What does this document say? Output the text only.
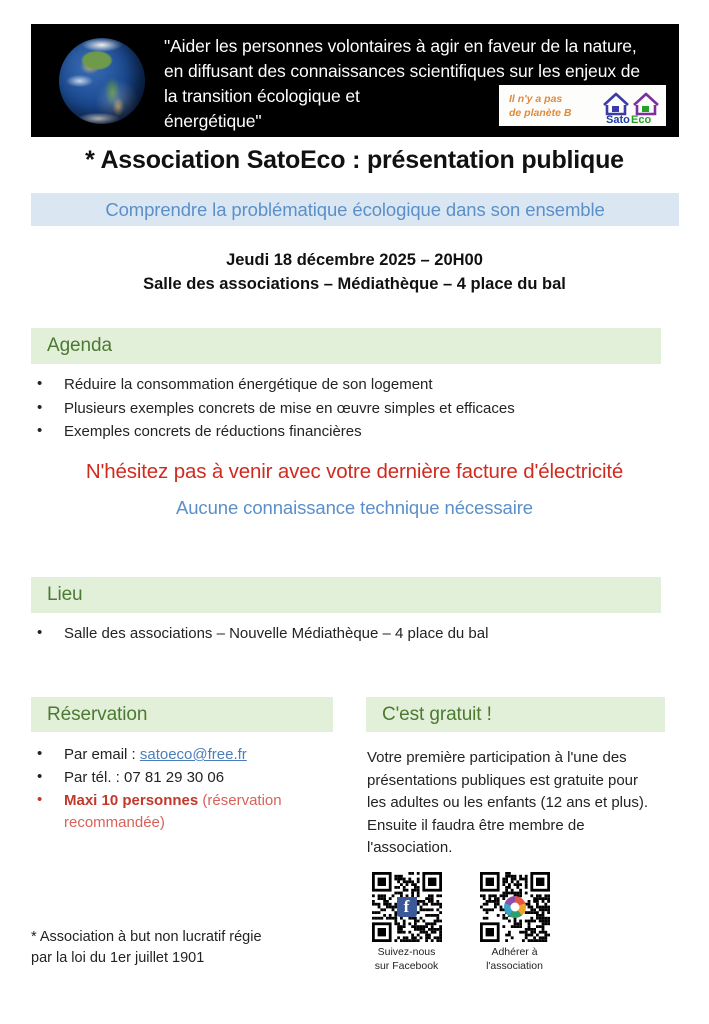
"Aider les personnes volontaires à agir en faveur de la nature,
en diffusant des connaissances scientifiques sur les enjeux de
la transition écologique et
énergétique"
Il n'y a pas
de planète B
Sato Eco
* Association SatoEco : présentation publique
Comprendre la problématique écologique dans son ensemble
Jeudi 18 décembre 2025 – 20H00
Salle des associations – Médiathèque – 4 place du bal
Agenda
• Réduire la consommation énergétique de son logement
• Plusieurs exemples concrets de mise en œuvre simples et efficaces
• Exemples concrets de réductions financières
N'hésitez pas à venir avec votre dernière facture d'électricité
Aucune connaissance technique nécessaire
Lieu
• Salle des associations – Nouvelle Médiathèque – 4 place du bal
Réservation
• Par email : satoeco@free.fr
• Par tél. : 07 81 29 30 06
• Maxi 10 personnes (réservation recommandée)
C'est gratuit !
Votre première participation à l'une des présentations publiques est gratuite pour les adultes ou les enfants (12 ans et plus). Ensuite il faudra être membre de l'association.
f
Suivez-nous
sur Facebook
Adhérer à
l'association
* Association à but non lucratif régie
par la loi du 1er juillet 1901
